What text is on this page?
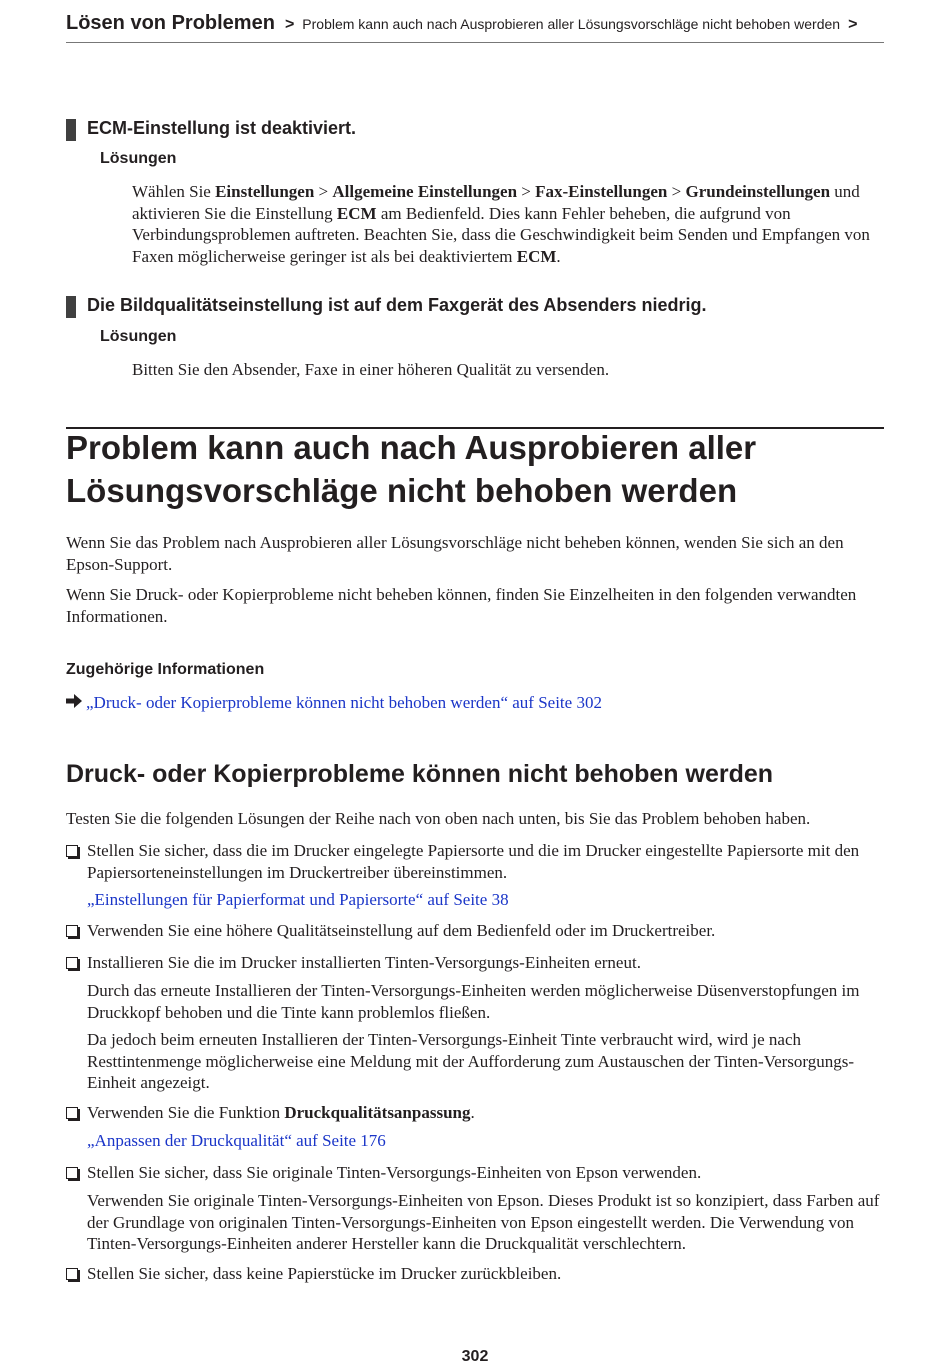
Lösen von Problemen > Problem kann auch nach Ausprobieren aller Lösungsvorschläge nicht behoben werden >
ECM-Einstellung ist deaktiviert.
Lösungen
Wählen Sie Einstellungen > Allgemeine Einstellungen > Fax-Einstellungen > Grundeinstellungen und aktivieren Sie die Einstellung ECM am Bedienfeld. Dies kann Fehler beheben, die aufgrund von Verbindungsproblemen auftreten. Beachten Sie, dass die Geschwindigkeit beim Senden und Empfangen von Faxen möglicherweise geringer ist als bei deaktiviertem ECM.
Die Bildqualitätseinstellung ist auf dem Faxgerät des Absenders niedrig.
Lösungen
Bitten Sie den Absender, Faxe in einer höheren Qualität zu versenden.
Problem kann auch nach Ausprobieren aller
Lösungsvorschläge nicht behoben werden
Wenn Sie das Problem nach Ausprobieren aller Lösungsvorschläge nicht beheben können, wenden Sie sich an den Epson-Support.
Wenn Sie Druck- oder Kopierprobleme nicht beheben können, finden Sie Einzelheiten in den folgenden verwandten Informationen.
Zugehörige Informationen
„Druck- oder Kopierprobleme können nicht behoben werden“ auf Seite 302
Druck- oder Kopierprobleme können nicht behoben werden
Testen Sie die folgenden Lösungen der Reihe nach von oben nach unten, bis Sie das Problem behoben haben.
Stellen Sie sicher, dass die im Drucker eingelegte Papiersorte und die im Drucker eingestellte Papiersorte mit den Papiersorteneinstellungen im Druckertreiber übereinstimmen.
„Einstellungen für Papierformat und Papiersorte“ auf Seite 38
Verwenden Sie eine höhere Qualitätseinstellung auf dem Bedienfeld oder im Druckertreiber.
Installieren Sie die im Drucker installierten Tinten-Versorgungs-Einheiten erneut.
Durch das erneute Installieren der Tinten-Versorgungs-Einheiten werden möglicherweise Düsenverstopfungen im Druckkopf behoben und die Tinte kann problemlos fließen.
Da jedoch beim erneuten Installieren der Tinten-Versorgungs-Einheit Tinte verbraucht wird, wird je nach Resttintenmenge möglicherweise eine Meldung mit der Aufforderung zum Austauschen der Tinten-Versorgungs-Einheit angezeigt.
Verwenden Sie die Funktion Druckqualitätsanpassung.
„Anpassen der Druckqualität“ auf Seite 176
Stellen Sie sicher, dass Sie originale Tinten-Versorgungs-Einheiten von Epson verwenden.
Verwenden Sie originale Tinten-Versorgungs-Einheiten von Epson. Dieses Produkt ist so konzipiert, dass Farben auf der Grundlage von originalen Tinten-Versorgungs-Einheiten von Epson eingestellt werden. Die Verwendung von Tinten-Versorgungs-Einheiten anderer Hersteller kann die Druckqualität verschlechtern.
Stellen Sie sicher, dass keine Papierstücke im Drucker zurückbleiben.
302
